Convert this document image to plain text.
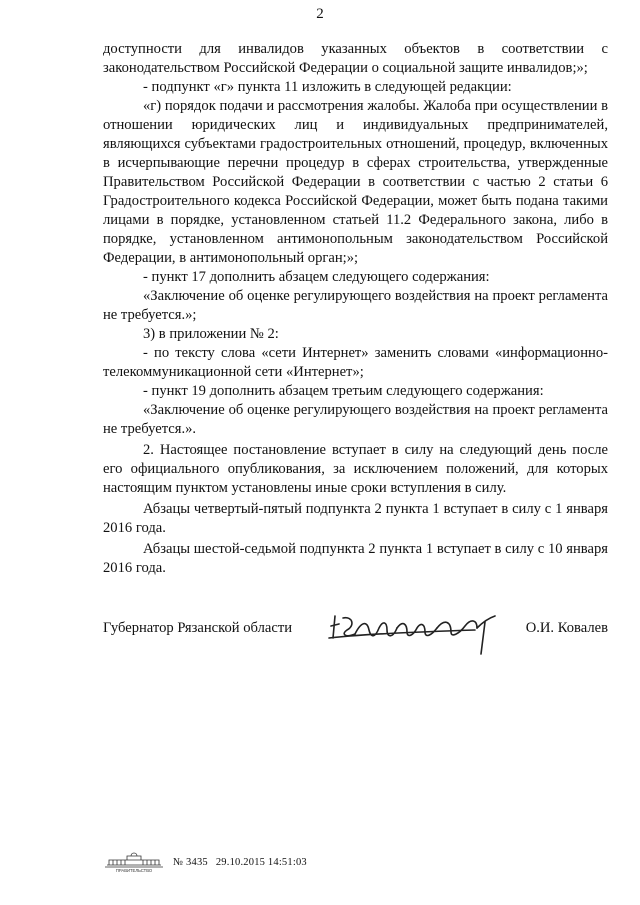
2

доступности для инвалидов указанных объектов в соответствии с законодательством Российской Федерации о социальной защите инвалидов;»;

- подпункт «г» пункта 11 изложить в следующей редакции:

«г) порядок подачи и рассмотрения жалобы. Жалоба при осуществлении в отношении юридических лиц и индивидуальных предпринимателей, являющихся субъектами градостроительных отношений, процедур, включенных в исчерпывающие перечни процедур в сферах строительства, утвержденные Правительством Российской Федерации в соответствии с частью 2 статьи 6 Градостроительного кодекса Российской Федерации, может быть подана такими лицами в порядке, установленном статьей 11.2 Федерального закона, либо в порядке, установленном антимонопольным законодательством Российской Федерации, в антимонопольный орган;»;

- пункт 17 дополнить абзацем следующего содержания:

«Заключение об оценке регулирующего воздействия на проект регламента не требуется.»;

3) в приложении № 2:

- по тексту слова «сети Интернет» заменить словами «информационно-телекоммуникационной сети «Интернет»;

- пункт 19 дополнить абзацем третьим следующего содержания:

«Заключение об оценке регулирующего воздействия на проект регламента не требуется.».

2. Настоящее постановление вступает в силу на следующий день после его официального опубликования, за исключением положений, для которых настоящим пунктом установлены иные сроки вступления в силу.

Абзацы четвертый-пятый подпункта 2 пункта 1 вступает в силу с 1 января 2016 года.

Абзацы шестой-седьмой подпункта 2 пункта 1 вступает в силу с 10 января 2016 года.

Губернатор Рязанской области	О.И. Ковалев
ПРАВИТЕЛЬСТВО
№ 3435 29.10.2015 14:51:03
